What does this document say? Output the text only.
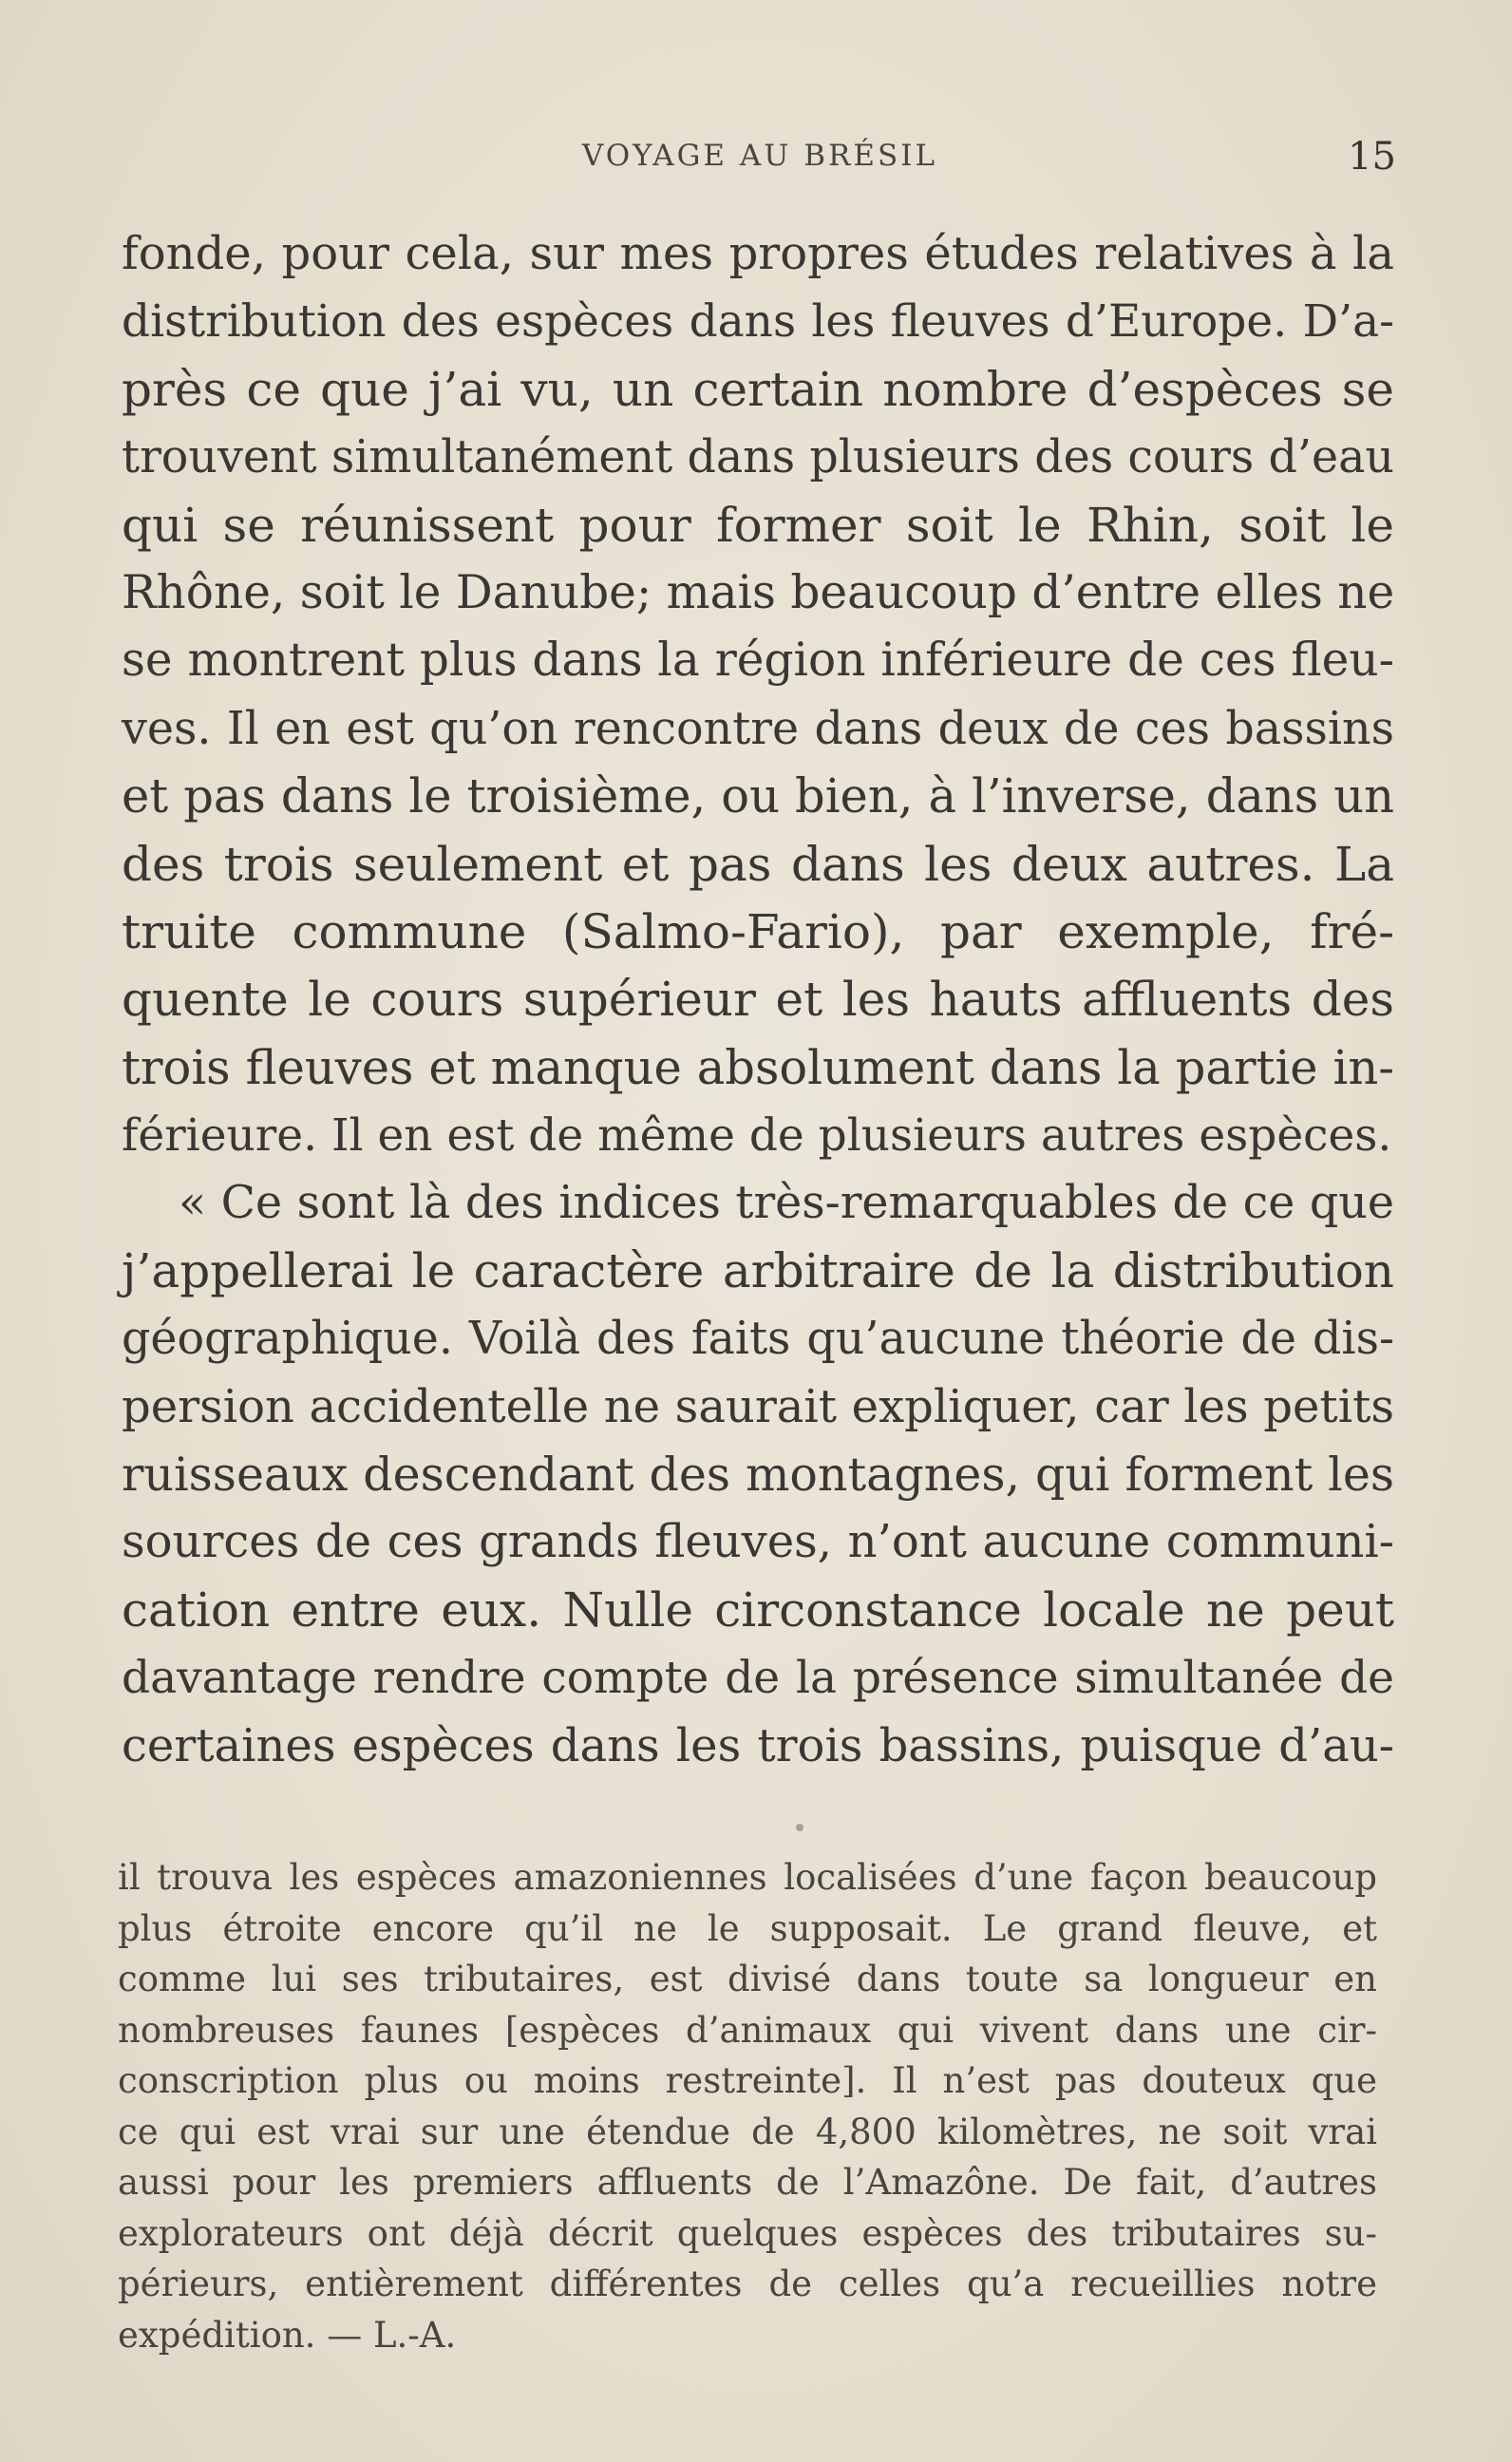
VOYAGE AU BRÉSIL	15
fonde, pour cela, sur mes propres études relatives à la
distribution des espèces dans les fleuves d’Europe. D’a-
près ce que j’ai vu, un certain nombre d’espèces se
trouvent simultanément dans plusieurs des cours d’eau
qui se réunissent pour former soit le Rhin, soit le
Rhône, soit le Danube; mais beaucoup d’entre elles ne
se montrent plus dans la région inférieure de ces fleu-
ves. Il en est qu’on rencontre dans deux de ces bassins
et pas dans le troisième, ou bien, à l’inverse, dans un
des trois seulement et pas dans les deux autres. La
truite commune (Salmo-Fario), par exemple, fré-
quente le cours supérieur et les hauts affluents des
trois fleuves et manque absolument dans la partie in-
férieure. Il en est de même de plusieurs autres espèces.
« Ce sont là des indices très-remarquables de ce que
j’appellerai le caractère arbitraire de la distribution
géographique. Voilà des faits qu’aucune théorie de dis-
persion accidentelle ne saurait expliquer, car les petits
ruisseaux descendant des montagnes, qui forment les
sources de ces grands fleuves, n’ont aucune communi-
cation entre eux. Nulle circonstance locale ne peut
davantage rendre compte de la présence simultanée de
certaines espèces dans les trois bassins, puisque d’au-
il trouva les espèces amazoniennes localisées d’une façon beaucoup
plus étroite encore qu’il ne le supposait. Le grand fleuve, et
comme lui ses tributaires, est divisé dans toute sa longueur en
nombreuses faunes [espèces d’animaux qui vivent dans une cir-
conscription plus ou moins restreinte]. Il n’est pas douteux que
ce qui est vrai sur une étendue de 4,800 kilomètres, ne soit vrai
aussi pour les premiers affluents de l’Amazône. De fait, d’autres
explorateurs ont déjà décrit quelques espèces des tributaires su-
périeurs, entièrement différentes de celles qu’a recueillies notre
expédition. — L.-A.
